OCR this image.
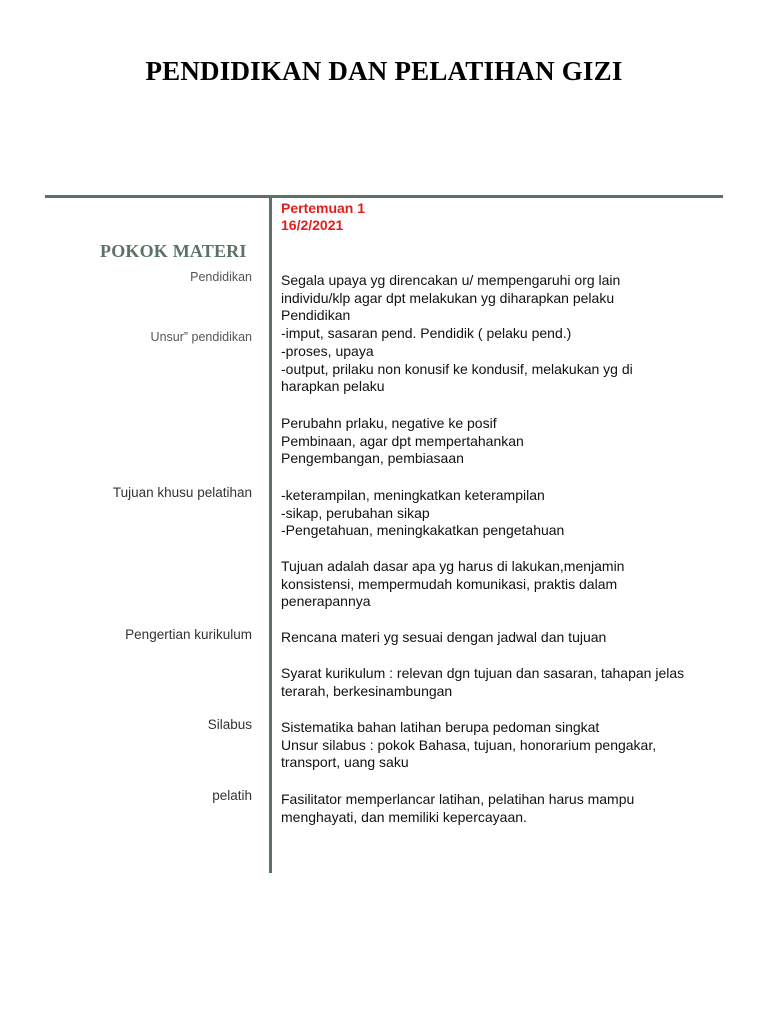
PENDIDIKAN DAN PELATIHAN GIZI
Pertemuan 1
16/2/2021
POKOK MATERI
Pendidikan
Unsur” pendidikan
Tujuan khusu pelatihan
Pengertian kurikulum
Silabus
pelatih
Segala upaya yg direncakan u/ mempengaruhi org lain
individu/klp agar dpt melakukan yg diharapkan pelaku
Pendidikan
-imput, sasaran pend. Pendidik ( pelaku pend.)
-proses, upaya
-output, prilaku non konusif ke kondusif, melakukan yg di
harapkan pelaku
Perubahn prlaku, negative ke posif
Pembinaan, agar dpt mempertahankan
Pengembangan, pembiasaan
-keterampilan, meningkatkan keterampilan
-sikap, perubahan sikap
-Pengetahuan, meningkakatkan pengetahuan
Tujuan adalah dasar apa yg harus di lakukan,menjamin
konsistensi, mempermudah komunikasi, praktis dalam
penerapannya
Rencana materi yg sesuai dengan jadwal dan tujuan
Syarat kurikulum : relevan dgn tujuan dan sasaran, tahapan jelas
terarah, berkesinambungan
Sistematika bahan latihan berupa pedoman singkat
Unsur silabus : pokok Bahasa, tujuan, honorarium pengakar,
transport, uang saku
Fasilitator memperlancar latihan, pelatihan harus mampu
menghayati, dan memiliki kepercayaan.
